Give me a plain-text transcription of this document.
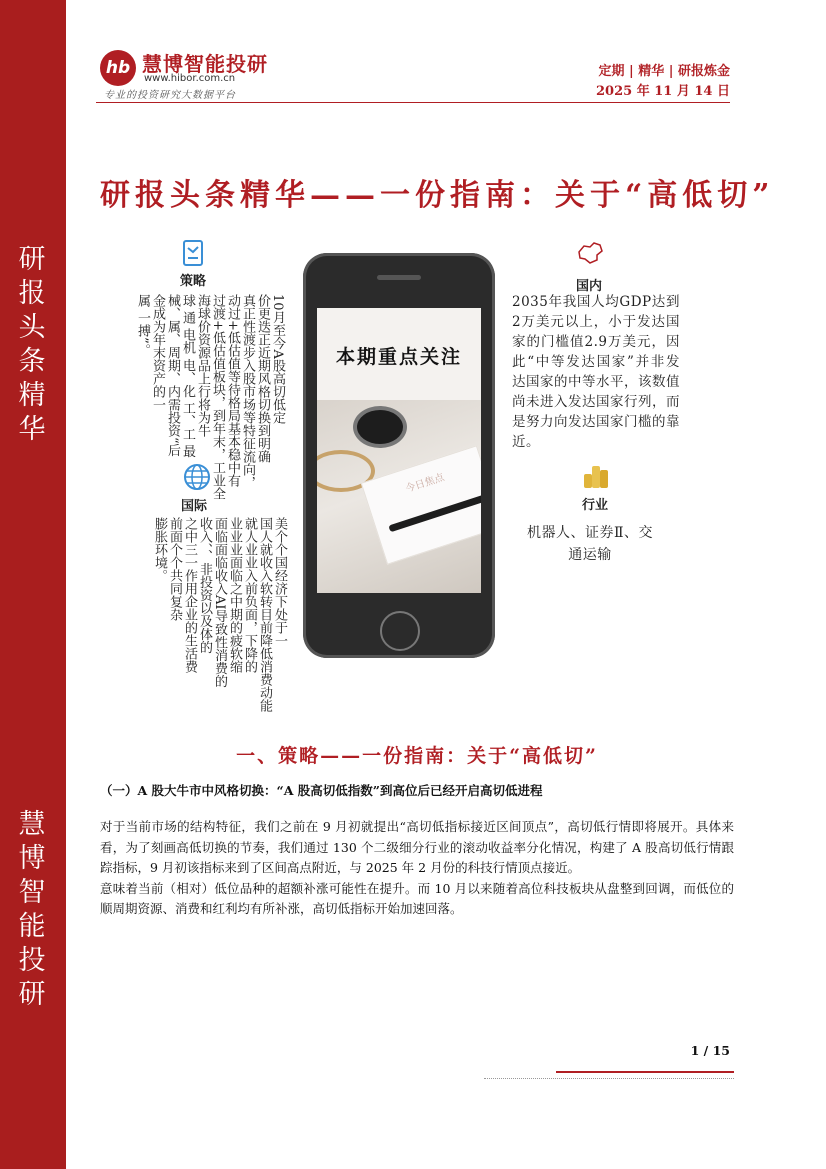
研
报
头
条
精
华
慧
博
智
能
投
研
hb 慧博智能投研
www.hibor.com.cn
专业的投资研究大数据平台
定期 | 精华 | 研报炼金
2025 年 11 月 14 日
研报头条精华——一份指南：关于“高低切”
策略
10月至今A股高切低定
价更迭正近期风格切换到明确
真正性渡步入股市场等特征流向，
动过+低估值等待格局基本稳中有
过渡+低估值板块，到年末，工业全
海球价资源品上行将为牛
球 通 电机 电、化 工、工 最
械、属、周期、内需投资“后
金成为年末资产的一
属 一搏”。
国际
美个个国经济下处于一
国人就收入软转目前降低消费动能
就人业业入前负面，下降的
业业业面临之中期的疲软缩
面临面临收入AI导致性消费的
收入、、非投资以及体的
之中三一作用企业的生活费
前面个个共同复杂
膨胀环境。
本期重点关注
今日焦点
国内
2035年我国人均GDP达到2万美元以上，小于发达国家的门槛值2.9万美元，因此“中等发达国家”并非发达国家的中等水平，该数值尚未进入发达国家行列，而是努力向发达国家门槛的靠近。
行业
机器人、证券Ⅱ、交通运输
一、策略——一份指南：关于“高低切”
（一）A 股大牛市中风格切换：“A 股高切低指数”到高位后已经开启高切低进程

对于当前市场的结构特征，我们之前在 9 月初就提出“高切低指标接近区间顶点”，高切低行情即将展开。具体来看，为了刻画高低切换的节奏，我们通过 130 个二级细分行业的滚动收益率分化情况，构建了 A 股高切低行情跟踪指标，9 月初该指标来到了区间高点附近，与 2025 年 2 月份的科技行情顶点接近。

意味着当前（相对）低位品种的超额补涨可能性在提升。而 10 月以来随着高位科技板块从盘整到回调，而低位的顺周期资源、消费和红利均有所补涨，高切低指标开始加速回落。

1 / 15
